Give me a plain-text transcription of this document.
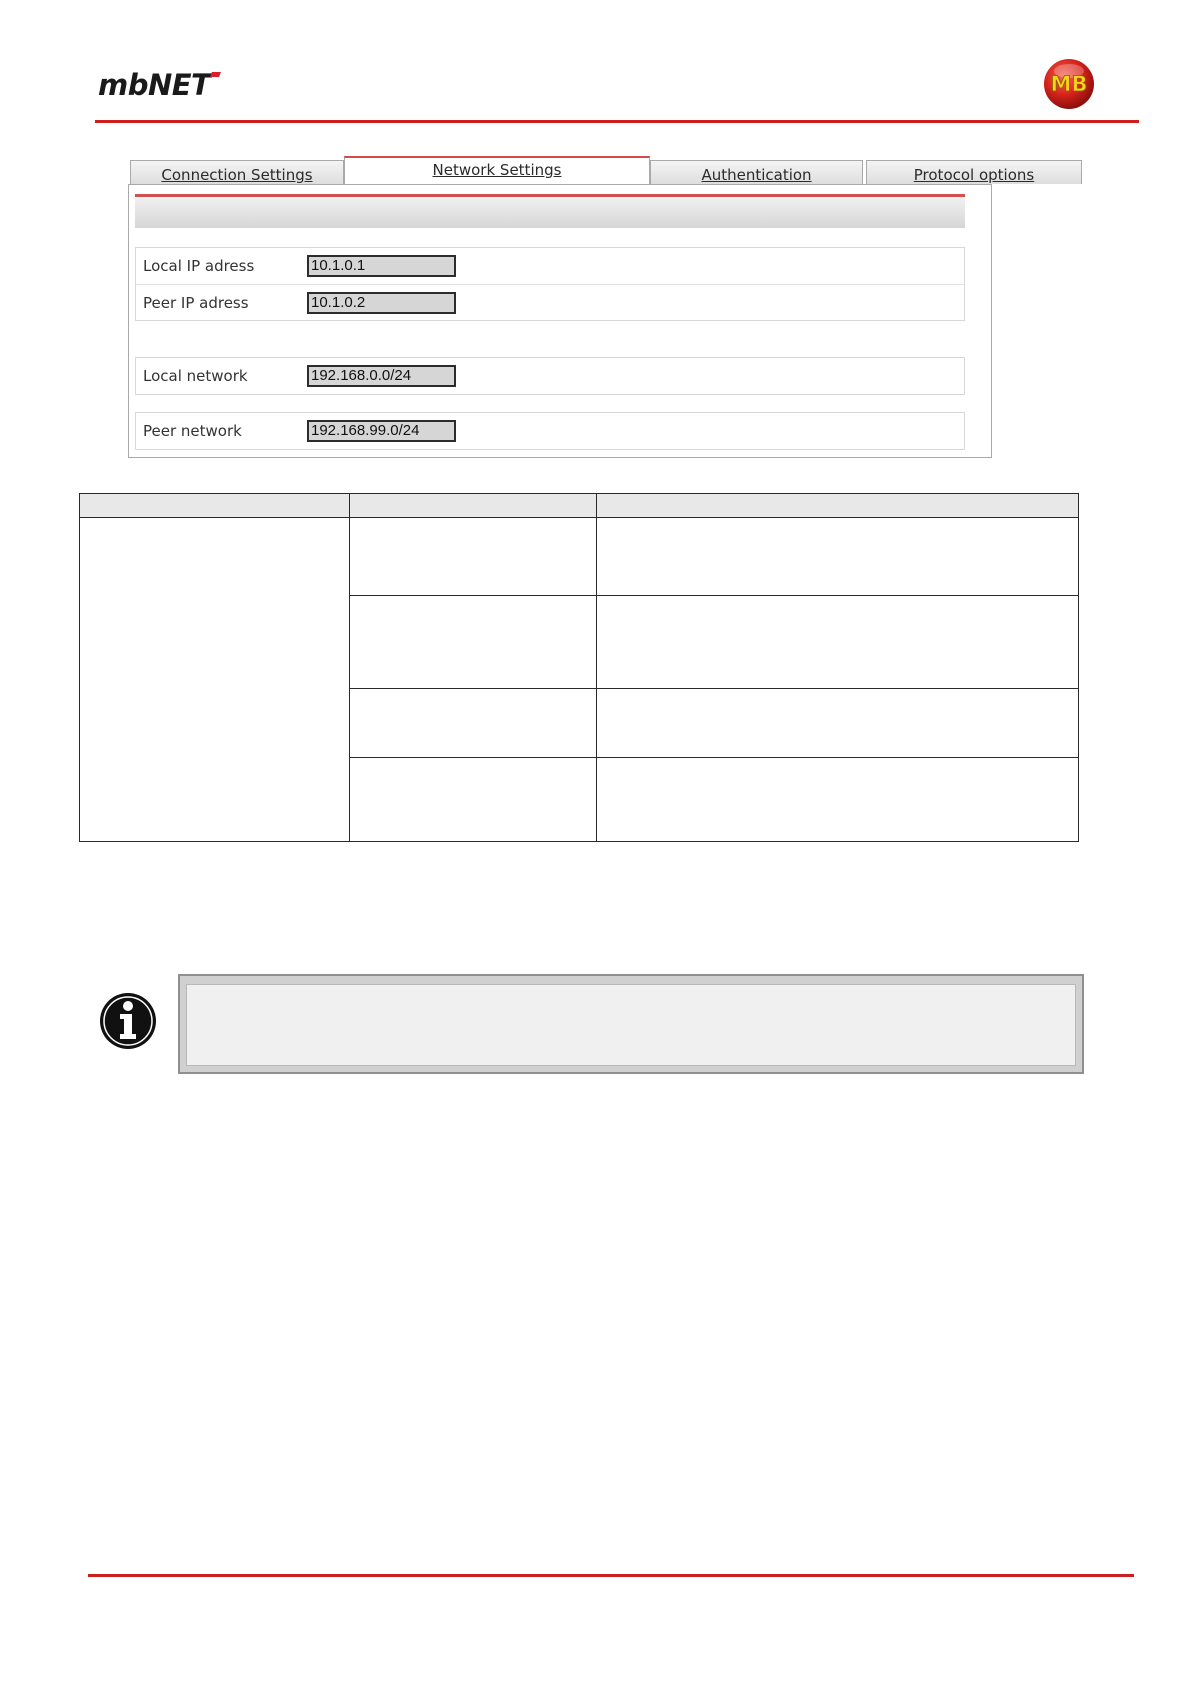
mbNET	MB
Connection Settings	Authentication	Protocol options
Local IP adress	10.1.0.1
Peer IP adress	10.1.0.2
Local network	192.168.0.0/24
Peer network	192.168.99.0/24
Network Settings
